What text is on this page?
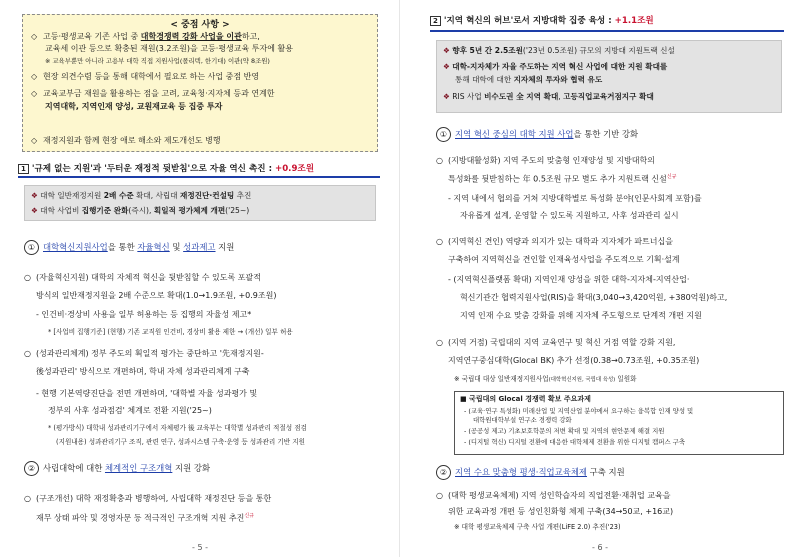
< 중점 사항 >
◇ 고등·평생교육 기존 사업 중 대학경쟁력 강화 사업을 이관하고,
교육세 이관 등으로 확충된 재원(3.2조원)을 고등·평생교육 투자에 활용
※ 교육부뿐만 아니라 고용부 대학 직접 지원사업(폴리텍, 한기대) 이관(약 8조원)
◇ 현장 의견수렴 등을 통해 대학에서 필요로 하는 사업 중점 반영
◇ 교육교부금 재원을 활용하는 점을 고려, 교육청·지자체 등과 연계한
지역대학, 지역인재 양성, 교원재교육 등 집중 투자
◇ 재정지원과 함께 현장 애로 해소와 제도개선도 병행
1 '규제 없는 지원'과 '두터운 재정적 뒷받침'으로 자율 역신 촉진 : +0.9조원
❖ 대학 일반재정지원 2배 수준 확대, 사립대 재정진단·컨설팅 추진
❖ 대학 사업비 집행기준 완화(즉시), 획일적 평가체계 개편('25~)
① 대학혁신지원사업을 통한 자율혁신 및 성과제고 지원
○ (자율혁신지원) 대학의 자체적 혁신을 뒷받침할 수 있도록 포괄적
방식의 일반재정지원을 2배 수준으로 확대(1.0→1.9조원, +0.9조원)
- 인건비·경상비 사용을 일부 허용하는 등 집행의 자율성 제고*
* [사업비 집행기준] (현행) 기존 교직원 인건비, 경상비 활용 제한 → (개선) 일부 허용
○ (성과관리체계) 정부 주도의 획일적 평가는 중단하고 '先재정지원-
後성과관리' 방식으로 개편하며, 학내 자체 성과관리체계 구축
- 현행 기본역량진단을 전면 개편하며, '대학별 자율 성과평가 및
정부의 사후 성과점검' 체계로 전환 지원('25~)
* (평가방식) 대학내 성과관리기구에서 자체평가 後 교육부는 대학별 성과관리 적절성 점검
(지원내용) 성과관리기구 조직, 관련 연구, 성과시스템 구축·운영 등 성과관리 기반 지원
② 사립대학에 대한 체계적인 구조개혁 지원 강화
○ (구조개선) 대학 재정확충과 병행하여, 사립대학 재정진단 등을 통한
재무 상태 파악 및 경영자문 등 적극적인 구조개혁 지원 추진$^{신규}$
- 5 -
2 '지역 혁신의 허브'로서 지방대학 집중 육성 : +1.1조원
❖ 향후 5년 간 2.5조원('23년 0.5조원) 규모의 지방대 지원트랙 신설
❖ 대학-지자체가 자율 주도하는 지역 혁신 사업에 대한 지원 확대를
통해 대학에 대한 지자체의 투자와 협력 유도
❖ RIS 사업 비수도권 全 지역 확대, 고등직업교육거점지구 확대
① 지역 혁신 중심의 대학 지원 사업을 통한 기반 강화
○ (지방대활성화) 지역 주도의 맞춤형 인재양성 및 지방대학의
특성화를 뒷받침하는 年 0.5조원 규모 별도 추가 지원트랙 신설$^{신규}$
- 지역 내에서 협의를 거쳐 지방대학별로 특성화 분야(인문사회계 포함)를
자유롭게 설계, 운영할 수 있도록 지원하고, 사후 성과관리 실시
○ (지역혁신 견인) 역량과 의지가 있는 대학과 지자체가 파트너십을
구축하여 지역혁신을 견인할 인재육성사업을 주도적으로 기획·설계
- (지역혁신플랫폼 확대) 지역인재 양성을 위한 대학-지자체-지역산업·
혁신기관간 협력지원사업(RIS)을 확대(3,040→3,420억원, +380억원)하고,
지역 인재 수요 맞춤 강화를 위해 지자체 주도형으로 단계적 개편 지원
○ (지역 거점) 국립대의 지역 교육연구 및 혁신 거점 역할 강화 지원,
지역연구중심대학(Glocal BK) 추가 선정(0.38→0.73조원, +0.35조원)
※ 국립대 대상 일반재정지원사업(대학혁신지원, 국립대 육성) 일원화
■ 국립대의 Glocal 경쟁력 확보 주요과제
- (교육·연구 특성화) 미래산업 및 지역산업 분야에서 요구하는 융복합 인재 양성 및
대학원대학부설 연구소 경쟁력 강화
- (공공성 제고) 기초보호학문의 저변 확대 및 지역의 현안문제 해결 지원
- (디지털 혁신) 디지털 전환에 대응한 대학체제 전환을 위한 디지털 캠퍼스 구축
② 지역 수요 맞춤형 평생·직업교육체제 구축 지원
○ (대학 평생교육체제) 지역 성인학습자의 직업전환·재취업 교육을
위한 교육과정 개편 등 성인친화형 체제 구축(34→50교, +16교)
※ 대학 평생교육체제 구축 사업 개편(LiFE 2.0) 추진('23)
- 6 -
